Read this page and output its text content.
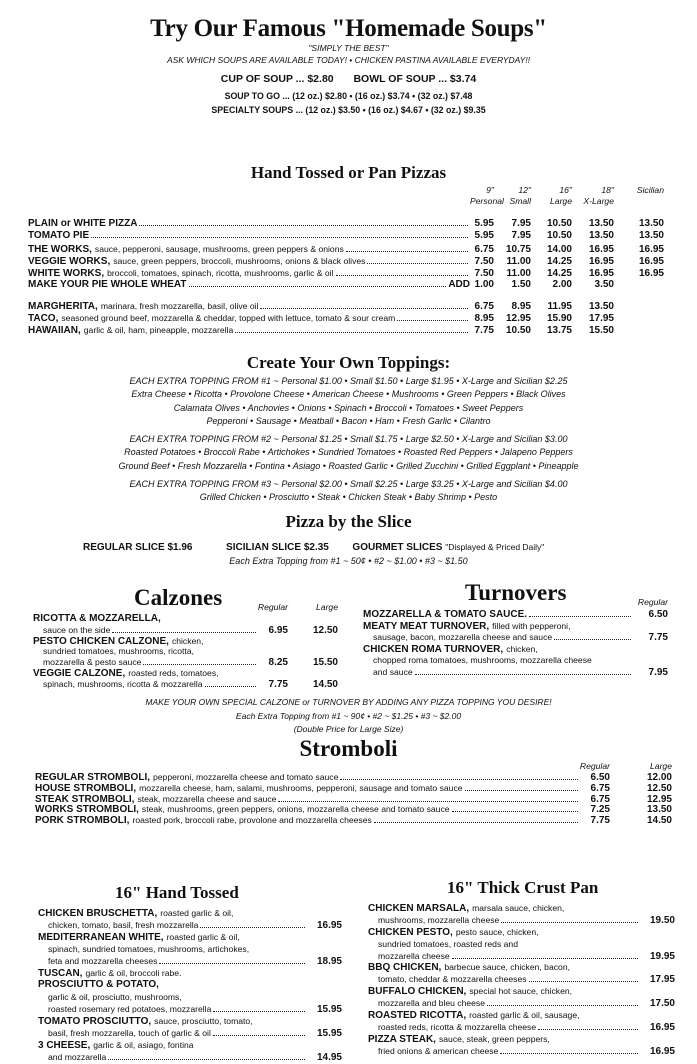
Try Our Famous "Homemade Soups"
"SIMPLY THE BEST"
ASK WHICH SOUPS ARE AVAILABLE TODAY! • CHICKEN PASTINA AVAILABLE EVERYDAY!!
CUP OF SOUP ... $2.80 BOWL OF SOUP ... $3.74
SOUP TO GO ... (12 oz.) $2.80 • (16 oz.) $3.74 • (32 oz.) $7.48
SPECIALTY SOUPS ... (12 oz.) $3.50 • (16 oz.) $4.67 • (32 oz.) $9.35
Hand Tossed or Pan Pizzas
9"	12"	16"	18"	Sicilian
Personal Small	Large	X-Large
PLAIN or WHITE PIZZA	5.95	7.95	10.50	13.50	13.50
TOMATO PIE	5.95	7.95	10.50	13.50	13.50
THE WORKS, sauce, pepperoni, sausage, mushrooms, green peppers & onions	6.75	10.75	14.00	16.95	16.95
VEGGIE WORKS, sauce, green peppers, broccoli, mushrooms, onions & black olives	7.50	11.00	14.25	16.95	16.95
WHITE WORKS, broccoli, tomatoes, spinach, ricotta, mushrooms, garlic & oil	7.50	11.00	14.25	16.95	16.95
MAKE YOUR PIE WHOLE WHEAT	ADD 1.00	1.50	2.00	3.50
MARGHERITA, marinara, fresh mozzarella, basil, olive oil	6.75	8.95	11.95	13.50
TACO, seasoned ground beef, mozzarella & cheddar, topped with lettuce, tomato & sour cream	8.95	12.95	15.90	17.95
HAWAIIAN, garlic & oil, ham, pineapple, mozzarella	7.75	10.50	13.75	15.50
Create Your Own Toppings:
EACH EXTRA TOPPING FROM #1 ~ Personal $1.00 • Small $1.50 • Large $1.95 • X-Large and Sicilian $2.25
Extra Cheese • Ricotta • Provolone Cheese • American Cheese • Mushrooms • Green Peppers • Black Olives
Calamata Olives • Anchovies • Onions • Spinach • Broccoli • Tomatoes • Sweet Peppers
Pepperoni • Sausage • Meatball • Bacon • Ham • Fresh Garlic • Cilantro
EACH EXTRA TOPPING FROM #2 ~ Personal $1.25 • Small $1.75 • Large $2.50 • X-Large and Sicilian $3.00
Roasted Potatoes • Broccoli Rabe • Artichokes • Sundried Tomatoes • Roasted Red Peppers • Jalapeno Peppers
Ground Beef • Fresh Mozzarella • Fontina • Asiago • Roasted Garlic • Grilled Zucchini • Grilled Eggplant • Pineapple
EACH EXTRA TOPPING FROM #3 ~ Personal $2.00 • Small $2.25 • Large $3.25 • X-Large and Sicilian $4.00
Grilled Chicken • Prosciutto • Steak • Chicken Steak • Baby Shrimp • Pesto
Pizza by the Slice
REGULAR SLICE $1.96	SICILIAN SLICE $2.35 GOURMET SLICES "Displayed & Priced Daily"
Each Extra Topping from #1 ~ 50¢ • #2 ~ $1.00 • #3 ~ $1.50
Calzones	Regular	Large
RICOTTA & MOZZARELLA,
sauce on the side	6.95	12.50
PESTO CHICKEN CALZONE, chicken,
sundried tomatoes, mushrooms, ricotta,
mozzarella & pesto sauce	8.25	15.50
VEGGIE CALZONE, roasted reds, tomatoes,
spinach, mushrooms, ricotta & mozzarella	7.75	14.50
Turnovers	Regular
MOZZARELLA & TOMATO SAUCE.	6.50
MEATY MEAT TURNOVER, filled with pepperoni,
sausage, bacon, mozzarella cheese and sauce	7.75
CHICKEN ROMA TURNOVER, chicken,
chopped roma tomatoes, mushrooms, mozzarella cheese
and sauce	7.95
MAKE YOUR OWN SPECIAL CALZONE or TURNOVER BY ADDING ANY PIZZA TOPPING YOU DESIRE!
Each Extra Topping from #1 ~ 90¢ • #2 ~ $1.25 • #3 ~ $2.00
(Double Price for Large Size)
Stromboli
Regular	Large
REGULAR STROMBOLI, pepperoni, mozzarella cheese and tomato sauce	6.50	12.00
HOUSE STROMBOLI, mozzarella cheese, ham, salami, mushrooms, pepperoni, sausage and tomato sauce	6.75	12.50
STEAK STROMBOLI, steak, mozzarella cheese and sauce	6.75	12.95
WORKS STROMBOLI, steak, mushrooms, green peppers, onions, mozzarella cheese and tomato sauce	7.25	13.50
PORK STROMBOLI, roasted pork, broccoli rabe, provolone and mozzarella cheeses	7.75	14.50
16" Hand Tossed
CHICKEN BRUSCHETTA, roasted garlic & oil,
chicken, tomato, basil, fresh mozzarella	16.95
MEDITERRANEAN WHITE, roasted garlic & oil,
spinach, sundried tomatoes, mushrooms, artichokes,
feta and mozzarella cheeses	18.95
TUSCAN, garlic & oil, broccoli rabe.
PROSCIUTTO & POTATO,
garlic & oil, prosciutto, mushrooms,
roasted rosemary red potatoes, mozzarella	15.95
TOMATO PROSCIUTTO, sauce, prosciutto, tomato,
basil, fresh mozzarella, touch of garlic & oil	15.95
3 CHEESE, garlic & oil, asiago, fontina
and mozzarella	14.95
16" Thick Crust Pan
CHICKEN MARSALA, marsala sauce, chicken,
mushrooms, mozzarella cheese	19.50
CHICKEN PESTO, pesto sauce, chicken,
sundried tomatoes, roasted reds and
mozzarella cheese	19.95
BBQ CHICKEN, barbecue sauce, chicken, bacon,
tomato, cheddar & mozzarella cheeses	17.95
BUFFALO CHICKEN, special hot sauce, chicken,
mozzarella and bleu cheese	17.50
ROASTED RICOTTA, roasted garlic & oil, sausage,
roasted reds, ricotta & mozzarella cheese	16.95
PIZZA STEAK, sauce, steak, green peppers,
fried onions & american cheese	16.95
